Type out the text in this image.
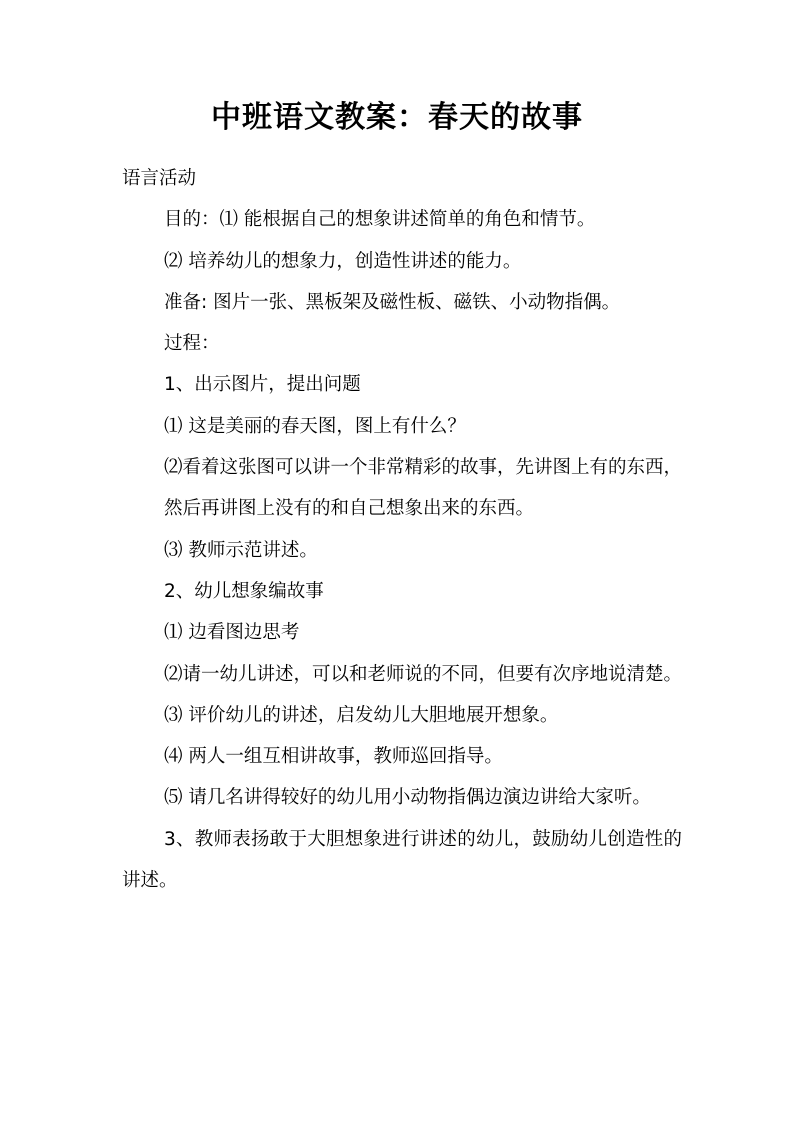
中班语文教案：春天的故事

语言活动

目的：⑴ 能根据自己的想象讲述简单的角色和情节。

⑵ 培养幼儿的想象力，创造性讲述的能力。

准备: 图片一张、黑板架及磁性板、磁铁、小动物指偶。

过程：

1、出示图片，提出问题

⑴ 这是美丽的春天图，图上有什么？

⑵看着这张图可以讲一个非常精彩的故事，先讲图上有的东西，

然后再讲图上没有的和自己想象出来的东西。

⑶ 教师示范讲述。

2、幼儿想象编故事

⑴ 边看图边思考

⑵请一幼儿讲述，可以和老师说的不同，但要有次序地说清楚。

⑶ 评价幼儿的讲述，启发幼儿大胆地展开想象。

⑷ 两人一组互相讲故事，教师巡回指导。

⑸ 请几名讲得较好的幼儿用小动物指偶边演边讲给大家听。

3、教师表扬敢于大胆想象进行讲述的幼儿，鼓励幼儿创造性的讲述。
